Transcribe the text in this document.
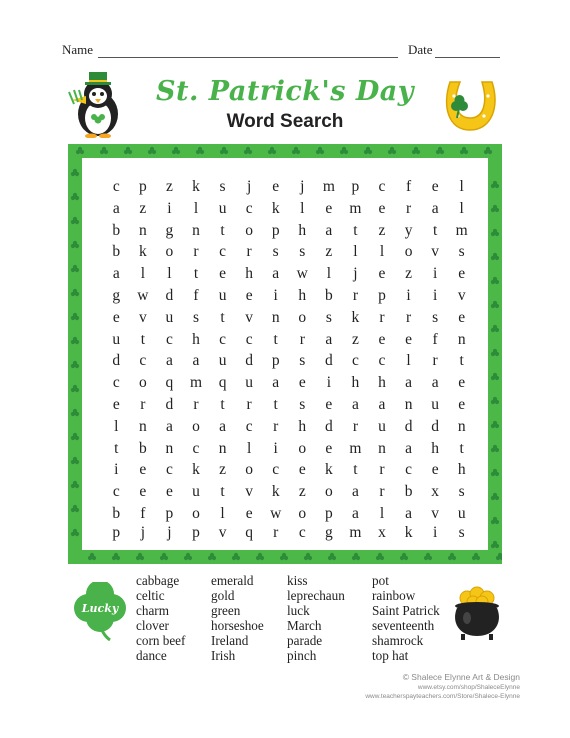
Name	Date
St. Patrick's Day
Word Search
c	p	z	k	s	j	e	j	m	p	c	f	e	l
a	z	i	l	u	c	k	l	e	m	e	r	a	l
b	n	g	n	t	o	p	h	a	t	z	y	t	m
b	k	o	r	c	r	s	s	z	l	l	o	v	s
a	l	l	t	e	h	a	w	l	j	e	z	i	e
g	w	d	f	u	e	i	h	b	r	p	i	i	v
e	v	u	s	t	v	n	o	s	k	r	r	s	e
u	t	c	h	c	c	t	r	a	z	e	e	f	n
d	c	a	a	u	d	p	s	d	c	c	l	r	t
c	o	q	m	q	u	a	e	i	h	h	a	a	e
e	r	d	r	t	r	t	s	e	a	a	n	u	e
l	n	a	o	a	c	r	h	d	r	u	d	d	n
t	b	n	c	n	l	i	o	e	m	n	a	h	t
i	e	c	k	z	o	c	e	k	t	r	c	e	h
c	e	e	u	t	v	k	z	o	a	r	b	x	s
b	f	p	o	l	e	w	o	p	a	l	a	v	u
p	j	j	p	v	q	r	c	g	m	x	k	i	s
Lucky
cabbage
celtic
charm
clover
corn beef
dance
emerald
gold
green
horseshoe
Ireland
Irish
kiss
leprechaun
luck
March
parade
pinch
pot
rainbow
Saint Patrick
seventeenth
shamrock
top hat
© Shalece Elynne Art & Design
www.etsy.com/shop/ShaleceElynne
www.teacherspayteachers.com/Store/Shalece-Elynne
